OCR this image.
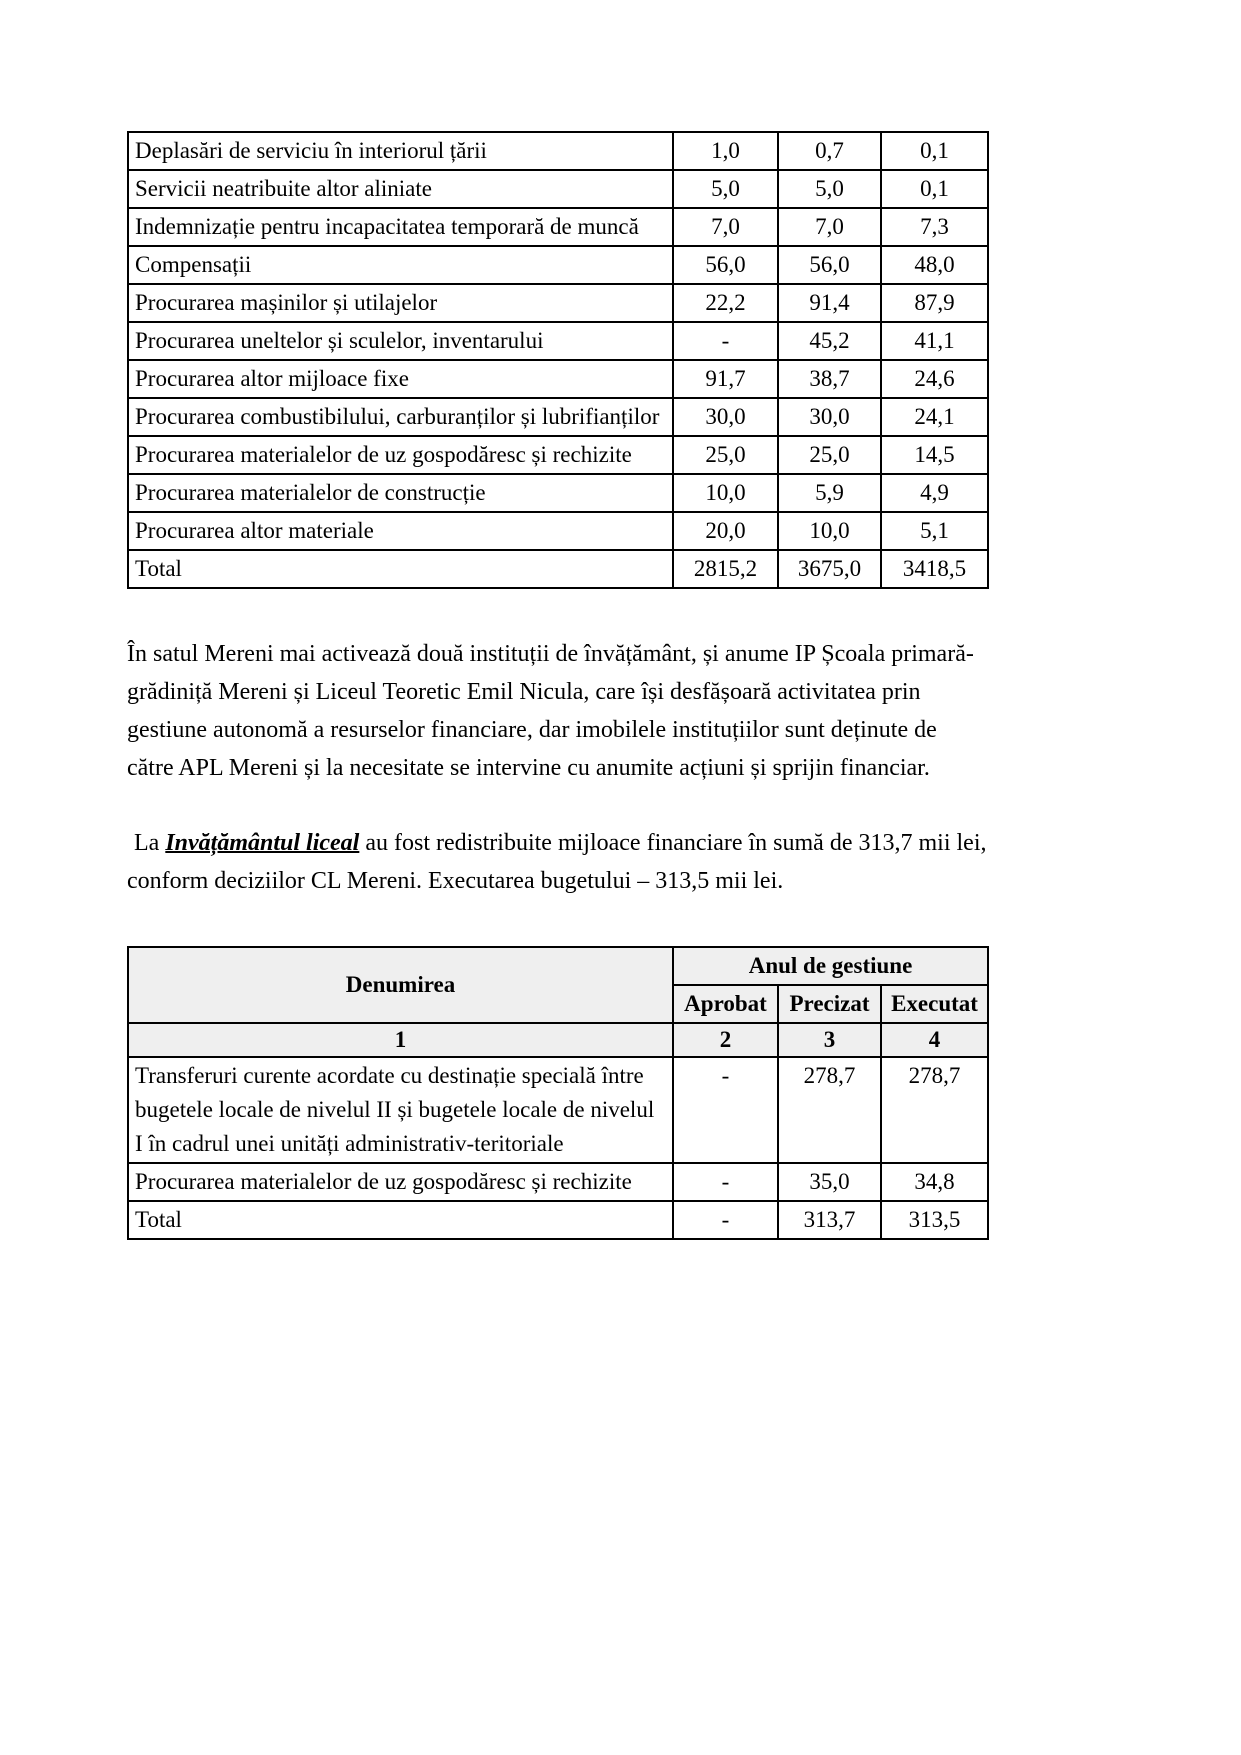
Deplasări de serviciu în interiorul țării	1,0	0,7	0,1
Servicii neatribuite altor aliniate	5,0	5,0	0,1
Indemnizație pentru incapacitatea temporară de muncă	7,0	7,0	7,3
Compensații	56,0	56,0	48,0
Procurarea mașinilor și utilajelor	22,2	91,4	87,9
Procurarea uneltelor și sculelor, inventarului	-	45,2	41,1
Procurarea altor mijloace fixe	91,7	38,7	24,6
Procurarea combustibilului, carburanților și lubrifianților	30,0	30,0	24,1
Procurarea materialelor de uz gospodăresc și rechizite	25,0	25,0	14,5
Procurarea materialelor de construcție	10,0	5,9	4,9
Procurarea altor materiale	20,0	10,0	5,1
Total	2815,2	3675,0	3418,5

În satul Mereni mai activează două instituții de învățământ, și anume IP Școala primară-grădiniță Mereni și Liceul Teoretic Emil Nicula, care își desfășoară activitatea prin gestiune autonomă a resurselor financiare, dar imobilele instituțiilor sunt deținute de către APL Mereni și la necesitate se intervine cu anumite acțiuni și sprijin financiar.

La Invățământul liceal au fost redistribuite mijloace financiare în sumă de 313,7 mii lei, conform deciziilor CL Mereni. Executarea bugetului – 313,5 mii lei.

Denumirea	Anul de gestiune		
	Aprobat	Precizat	Executat
1	2	3	4
Transferuri curente acordate cu destinație specială între bugetele locale de nivelul II și bugetele locale de nivelul I în cadrul unei unități administrativ-teritoriale	-	278,7	278,7
Procurarea materialelor de uz gospodăresc și rechizite	-	35,0	34,8
Total	-	313,7	313,5
